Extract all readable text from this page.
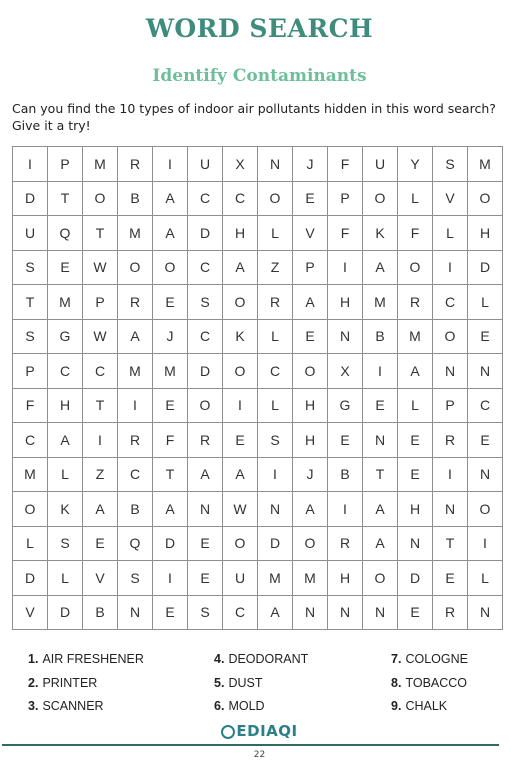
WORD SEARCH
Identify Contaminants

Can you find the 10 types of indoor air pollutants hidden in this word search? Give it a try!

I	P	M	R	I	U	X	N	J	F	U	Y	S	M
D	T	O	B	A	C	C	O	E	P	O	L	V	O
U	Q	T	M	A	D	H	L	V	F	K	F	L	H
S	E	W	O	O	C	A	Z	P	I	A	O	I	D
T	M	P	R	E	S	O	R	A	H	M	R	C	L
S	G	W	A	J	C	K	L	E	N	B	M	O	E
P	C	C	M	M	D	O	C	O	X	I	A	N	N
F	H	T	I	E	O	I	L	H	G	E	L	P	C
C	A	I	R	F	R	E	S	H	E	N	E	R	E
M	L	Z	C	T	A	A	I	J	B	T	E	I	N
O	K	A	B	A	N	W	N	A	I	A	H	N	O
L	S	E	Q	D	E	O	D	O	R	A	N	T	I
D	L	V	S	I	E	U	M	M	H	O	D	E	L
V	D	B	N	E	S	C	A	N	N	N	E	R	N
1. AIR FRESHENER
2. PRINTER
3. SCANNER
4. DEODORANT
5. DUST
6. MOLD
7. COLOGNE
8. TOBACCO
9. CHALK
EDIAQI
22
